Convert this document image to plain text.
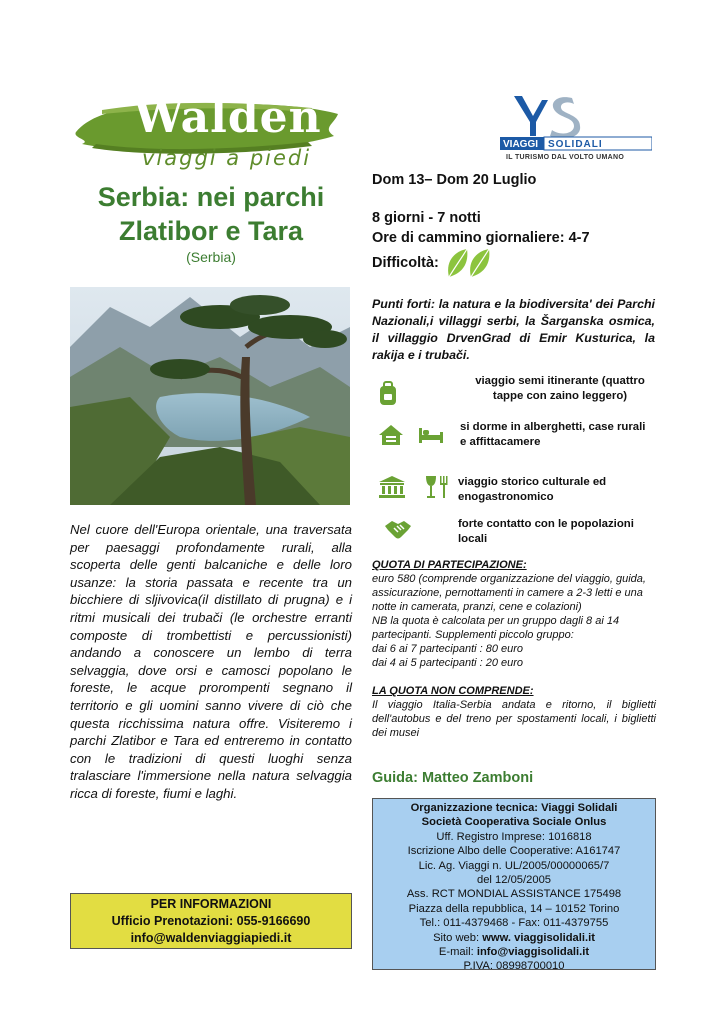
Walden
viaggi a piedi
VIAGGI SOLIDALI
IL TURISMO DAL VOLTO UMANO
Serbia: nei parchi
Zlatibor e Tara
(Serbia)
Nel cuore dell'Europa orientale, una traversata per paesaggi profondamente rurali, alla scoperta delle genti balcaniche e delle loro usanze: la storia passata e recente tra un bicchiere di sljivovica(il distillato di prugna) e i ritmi musicali dei trubači (le orchestre erranti composte di trombettisti e percussionisti) andando a conoscere un lembo di terra selvaggia, dove orsi e camosci popolano le foreste, le acque prorompenti segnano il territorio e gli uomini sanno vivere di ciò che questa ricchissima natura offre. Visiteremo i parchi Zlatibor e Tara ed entreremo in contatto con le tradizioni di questi luoghi senza tralasciare l'immersione nella natura selvaggia ricca di foreste, fiumi e laghi.
PER INFORMAZIONI
Ufficio Prenotazioni: 055-9166690
info@waldenviaggiapiedi.it
Dom 13– Dom 20 Luglio
8 giorni - 7 notti
Ore di cammino giornaliere: 4-7
Difficoltà:
Punti forti: la natura e la biodiversita' dei Parchi Nazionali,i villaggi serbi, la Šarganska osmica, il villaggio DrvenGrad di Emir Kusturica, la rakija e i trubači.
viaggio semi itinerante (quattro tappe con zaino leggero)
si dorme in alberghetti, case rurali e affittacamere
viaggio storico culturale ed enogastronomico
forte contatto con le popolazioni locali
QUOTA DI PARTECIPAZIONE:
euro 580 (comprende organizzazione del viaggio, guida, assicurazione, pernottamenti in camere a 2-3 letti e una notte in camerata, pranzi, cene e colazioni)
NB la quota è calcolata per un gruppo dagli 8 ai 14 partecipanti. Supplementi piccolo gruppo:
dai 6 ai 7 partecipanti : 80 euro
dai 4 ai 5 partecipanti : 20 euro
LA QUOTA NON COMPRENDE:
Il viaggio Italia-Serbia andata e ritorno, il biglietti dell'autobus e del treno per spostamenti locali, i biglietti dei musei
Guida: Matteo Zamboni
Organizzazione tecnica: Viaggi Solidali
Società Cooperativa Sociale Onlus
Uff. Registro Imprese: 1016818
Iscrizione Albo delle Cooperative: A161747
Lic. Ag. Viaggi n. UL/2005/00000065/7
del 12/05/2005
Ass. RCT MONDIAL ASSISTANCE 175498
Piazza della repubblica, 14 – 10152 Torino
Tel.: 011-4379468 - Fax: 011-4379755
Sito web: www. viaggisolidali.it
E-mail: info@viaggisolidali.it
P.IVA: 08998700010
